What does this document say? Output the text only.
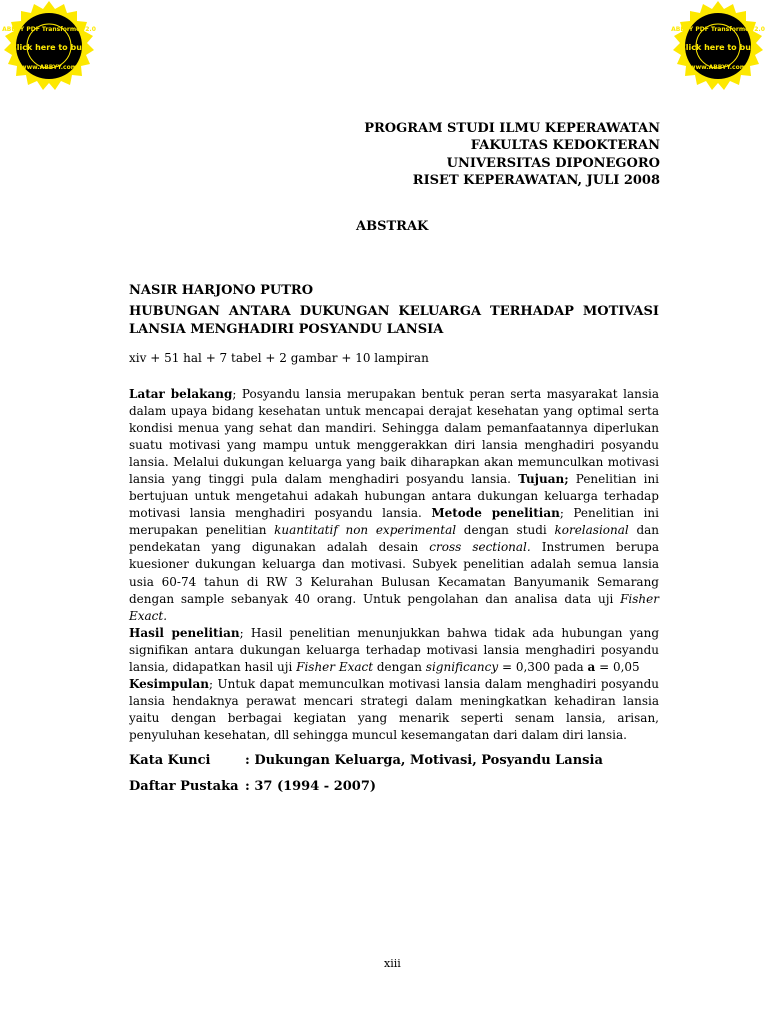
ABBYY PDF Transformer 2.0
Click here to buy
www.ABBYY.com
ABBYY PDF Transformer 2.0
Click here to buy
www.ABBYY.com
PROGRAM STUDI ILMU KEPERAWATAN
FAKULTAS KEDOKTERAN
UNIVERSITAS DIPONEGORO
RISET KEPERAWATAN, JULI 2008
ABSTRAK
NASIR HARJONO PUTRO
HUBUNGAN ANTARA DUKUNGAN KELUARGA TERHADAP MOTIVASI
LANSIA MENGHADIRI POSYANDU LANSIA
xiv + 51 hal + 7 tabel + 2 gambar + 10 lampiran
Latar belakang; Posyandu lansia merupakan bentuk peran serta masyarakat lansia dalam upaya bidang kesehatan untuk mencapai derajat kesehatan yang optimal serta kondisi menua yang sehat dan mandiri. Sehingga dalam pemanfaatannya diperlukan suatu motivasi yang mampu untuk menggerakkan diri lansia menghadiri posyandu lansia. Melalui dukungan keluarga yang baik diharapkan akan memunculkan motivasi lansia yang tinggi pula dalam menghadiri posyandu lansia. Tujuan; Penelitian ini bertujuan untuk mengetahui adakah hubungan antara dukungan keluarga terhadap motivasi lansia menghadiri posyandu lansia. Metode penelitian; Penelitian ini merupakan penelitian kuantitatif non experimental dengan studi korelasional dan pendekatan yang digunakan adalah desain cross sectional. Instrumen berupa kuesioner dukungan keluarga dan motivasi. Subyek penelitian adalah semua lansia usia 60-74 tahun di RW 3 Kelurahan Bulusan Kecamatan Banyumanik Semarang dengan sample sebanyak 40 orang. Untuk pengolahan dan analisa data uji Fisher Exact.
Hasil penelitian; Hasil penelitian menunjukkan bahwa tidak ada hubungan yang signifikan antara dukungan keluarga terhadap motivasi lansia menghadiri posyandu lansia, didapatkan hasil uji Fisher Exact dengan significancy = 0,300 pada a = 0,05
Kesimpulan; Untuk dapat memunculkan motivasi lansia dalam menghadiri posyandu lansia hendaknya perawat mencari strategi dalam meningkatkan kehadiran lansia yaitu dengan berbagai kegiatan yang menarik seperti senam lansia, arisan, penyuluhan kesehatan, dll sehingga muncul kesemangatan dari dalam diri lansia.
Kata Kunci	: Dukungan Keluarga, Motivasi, Posyandu Lansia
Daftar Pustaka : 37 (1994 - 2007)
xiii
